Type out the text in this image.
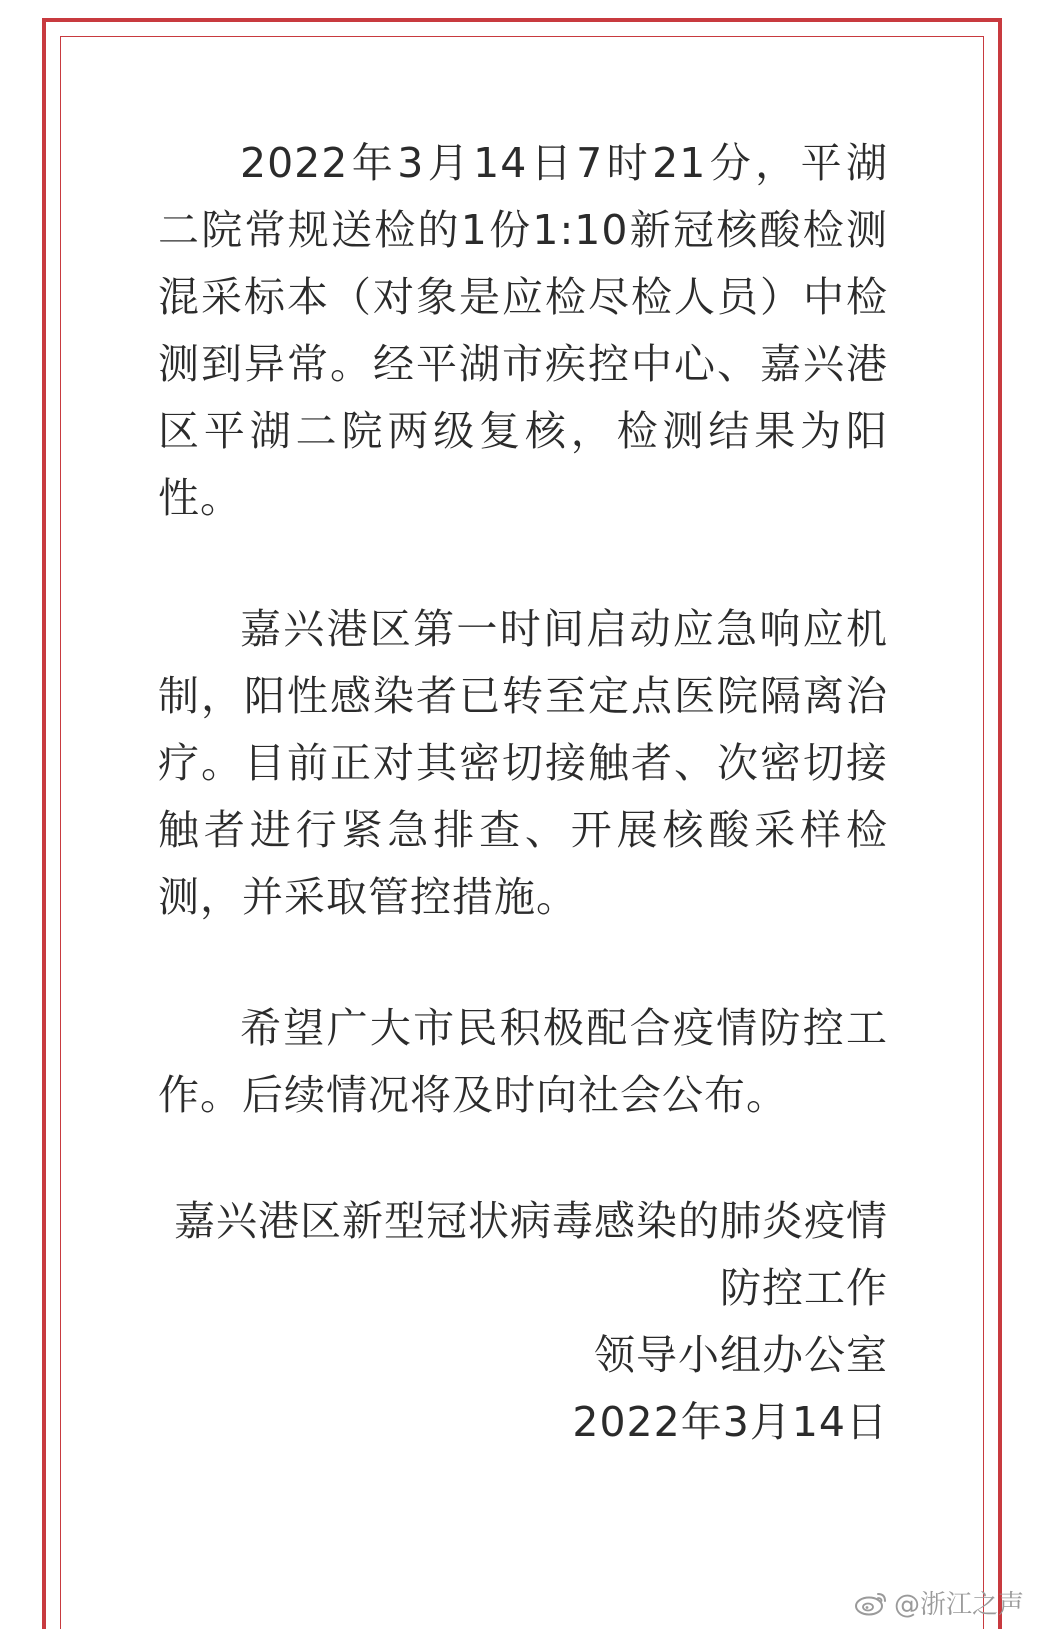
2022年3月14日7时21分，平湖二院常规送检的1份1:10新冠核酸检测混采标本（对象是应检尽检人员）中检测到异常。经平湖市疾控中心、嘉兴港区平湖二院两级复核，检测结果为阳性。

嘉兴港区第一时间启动应急响应机制，阳性感染者已转至定点医院隔离治疗。目前正对其密切接触者、次密切接触者进行紧急排查、开展核酸采样检测，并采取管控措施。

希望广大市民积极配合疫情防控工作。后续情况将及时向社会公布。

嘉兴港区新型冠状病毒感染的肺炎疫情
防控工作
领导小组办公室
2022年3月14日
@浙江之声
